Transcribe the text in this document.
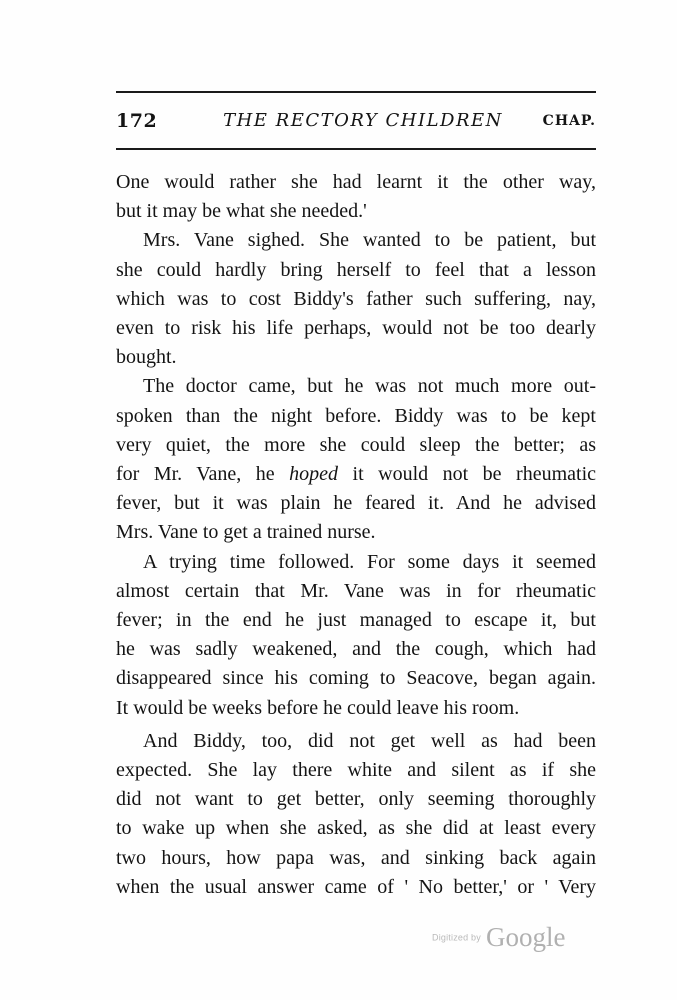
172	THE RECTORY CHILDREN	CHAP.
One would rather she had learnt it the other way,
but it may be what she needed.'
Mrs. Vane sighed. She wanted to be patient, but
she could hardly bring herself to feel that a lesson
which was to cost Biddy's father such suffering, nay,
even to risk his life perhaps, would not be too dearly
bought.
The doctor came, but he was not much more out-
spoken than the night before. Biddy was to be kept
very quiet, the more she could sleep the better; as
for Mr. Vane, he hoped it would not be rheumatic
fever, but it was plain he feared it. And he advised
Mrs. Vane to get a trained nurse.
A trying time followed. For some days it seemed
almost certain that Mr. Vane was in for rheumatic
fever; in the end he just managed to escape it, but
he was sadly weakened, and the cough, which had
disappeared since his coming to Seacove, began again.
It would be weeks before he could leave his room.
And Biddy, too, did not get well as had been
expected. She lay there white and silent as if she
did not want to get better, only seeming thoroughly
to wake up when she asked, as she did at least every
two hours, how papa was, and sinking back again
when the usual answer came of ' No better,' or ' Very
Digitized by Google
